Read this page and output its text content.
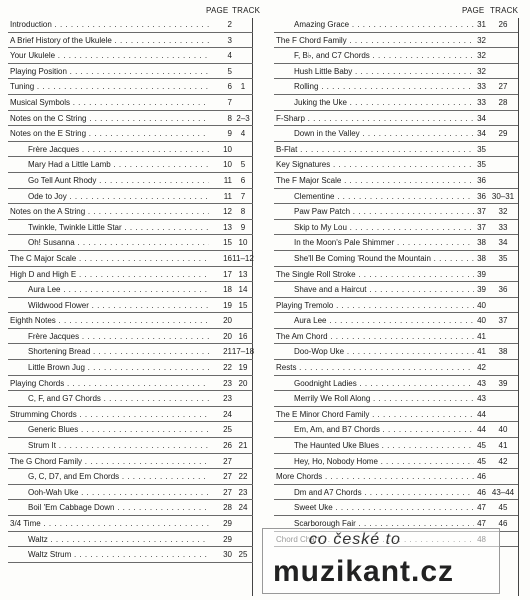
PAGE TRACK
Introduction . . .	2
A Brief History of the Ukulele . . .	3
Your Ukulele . . .	4
Playing Position . . .	5
Tuning . . .	6	1
Musical Symbols . . .	7
Notes on the C String . . .	8 2–3
Notes on the E String . . .	9	4
Frère Jacques . . .	10
Mary Had a Little Lamb . . .	10	5
Go Tell Aunt Rhody . . .	11	6
Ode to Joy . . .	11	7
Notes on the A String . . .	12	8
Twinkle, Twinkle Little Star . . .	13	9
Oh! Susanna . . .	15 10
The C Major Scale . . .	16 11–12
High D and High E . . .	17 13
Aura Lee . . .	18 14
Wildwood Flower . . .	19 15
Eighth Notes . . .	20
Frère Jacques . . .	20 16
Shortening Bread . . .	21 17–18
Little Brown Jug . . .	22 19
Playing Chords . . .	23 20
C, F, and G7 Chords . . .	23
Strumming Chords . . .	24
Generic Blues . . .	25
Strum It . . .	26 21
The G Chord Family . . .	27
G, C, D7, and Em Chords . . .	27 22
Ooh-Wah Uke . . .	27 23
Boil 'Em Cabbage Down . . .	28 24
3/4 Time . . .	29
Waltz . . .	29
Waltz Strum . . .	30 25
PAGE TRACK
Amazing Grace . . .	31	26
The F Chord Family . . .	32
F, B♭, and C7 Chords . . .	32
Hush Little Baby . . .	32
Rolling . . .	33	27
Juking the Uke . . .	33	28
F-Sharp . . .	34
Down in the Valley . . .	34	29
B-Flat . . .	35
Key Signatures . . .	35
The F Major Scale . . .	36
Clementine . . .	36 30–31
Paw Paw Patch . . .	37	32
Skip to My Lou . . .	37	33
In the Moon's Pale Shimmer . . .	38	34
She'll Be Coming 'Round the Mountain . . .	38	35
The Single Roll Stroke . . .	39
Shave and a Haircut . . .	39	36
Playing Tremolo . . .	40
Aura Lee . . .	40	37
The Am Chord . . .	41
Doo-Wop Uke . . .	41	38
Rests . . .	42
Goodnight Ladies . . .	43	39
Merrily We Roll Along . . .	43
The E Minor Chord Family . . .	44
Em, Am, and B7 Chords . . .	44	40
The Haunted Uke Blues . . .	45	41
Hey, Ho, Nobody Home . . .	45	42
More Chords . . .	46
Dm and A7 Chords . . .	46 43–44
Sweet Uke . . .	47	45
Scarborough Fair . . .	47	46
. . .
co české to
muzikant.cz
